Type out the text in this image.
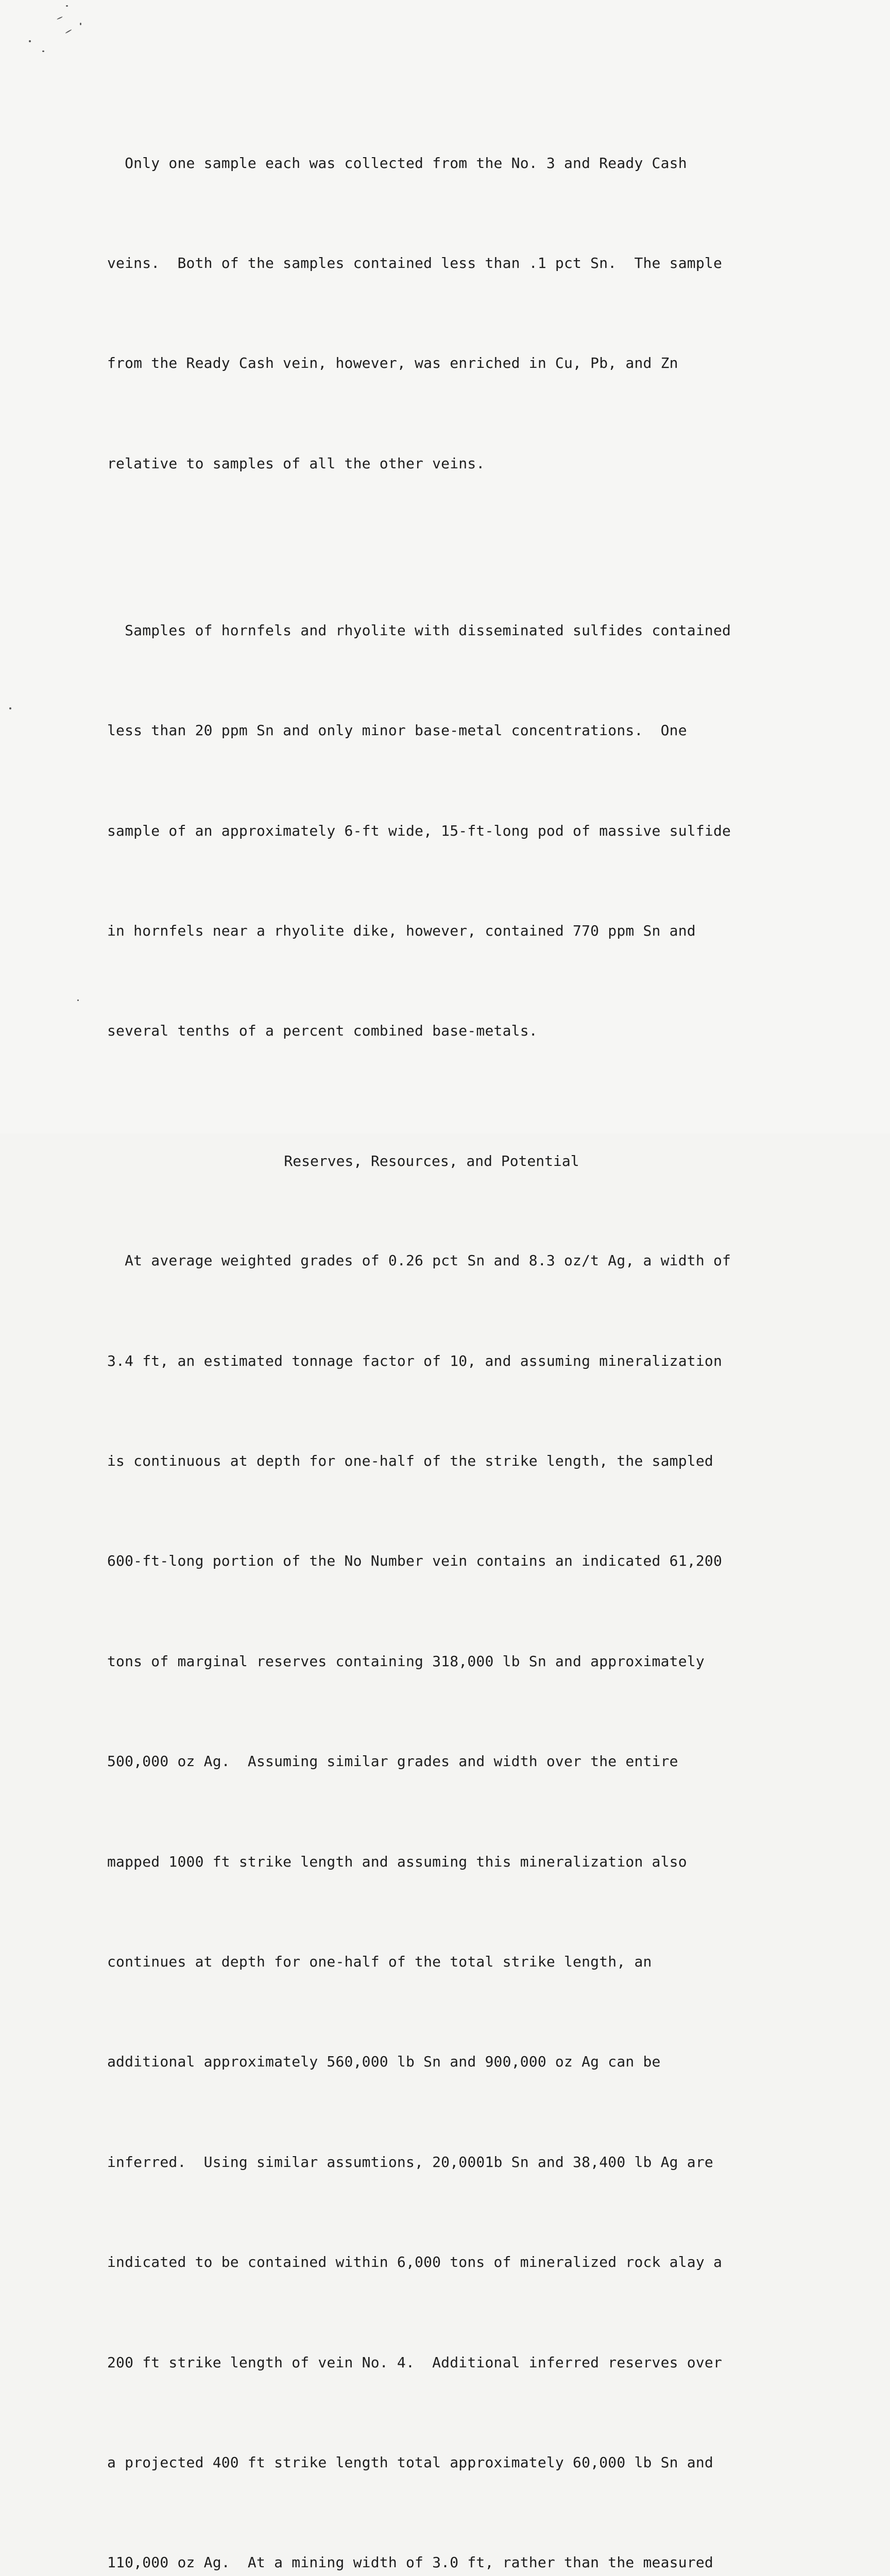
Only one sample each was collected from the No. 3 and Ready Cash

veins.  Both of the samples contained less than .1 pct Sn.  The sample

from the Ready Cash vein, however, was enriched in Cu, Pb, and Zn

relative to samples of all the other veins.

Samples of hornfels and rhyolite with disseminated sulfides contained

less than 20 ppm Sn and only minor base-metal concentrations.  One

sample of an approximately 6-ft wide, 15-ft-long pod of massive sulfide

in hornfels near a rhyolite dike, however, contained 770 ppm Sn and

several tenths of a percent combined base-metals.

Reserves, Resources, and Potential

At average weighted grades of 0.26 pct Sn and 8.3 oz/t Ag, a width of

3.4 ft, an estimated tonnage factor of 10, and assuming mineralization

is continuous at depth for one-half of the strike length, the sampled

600-ft-long portion of the No Number vein contains an indicated 61,200

tons of marginal reserves containing 318,000 lb Sn and approximately

500,000 oz Ag.  Assuming similar grades and width over the entire

mapped 1000 ft strike length and assuming this mineralization also

continues at depth for one-half of the total strike length, an

additional approximately 560,000 lb Sn and 900,000 oz Ag can be

inferred.  Using similar assumtions, 20,0001b Sn and 38,400 lb Ag are

indicated to be contained within 6,000 tons of mineralized rock alay a

200 ft strike length of vein No. 4.  Additional inferred reserves over

a projected 400 ft strike length total approximately 60,000 lb Sn and

110,000 oz Ag.  At a mining width of 3.0 ft, rather than the measured
